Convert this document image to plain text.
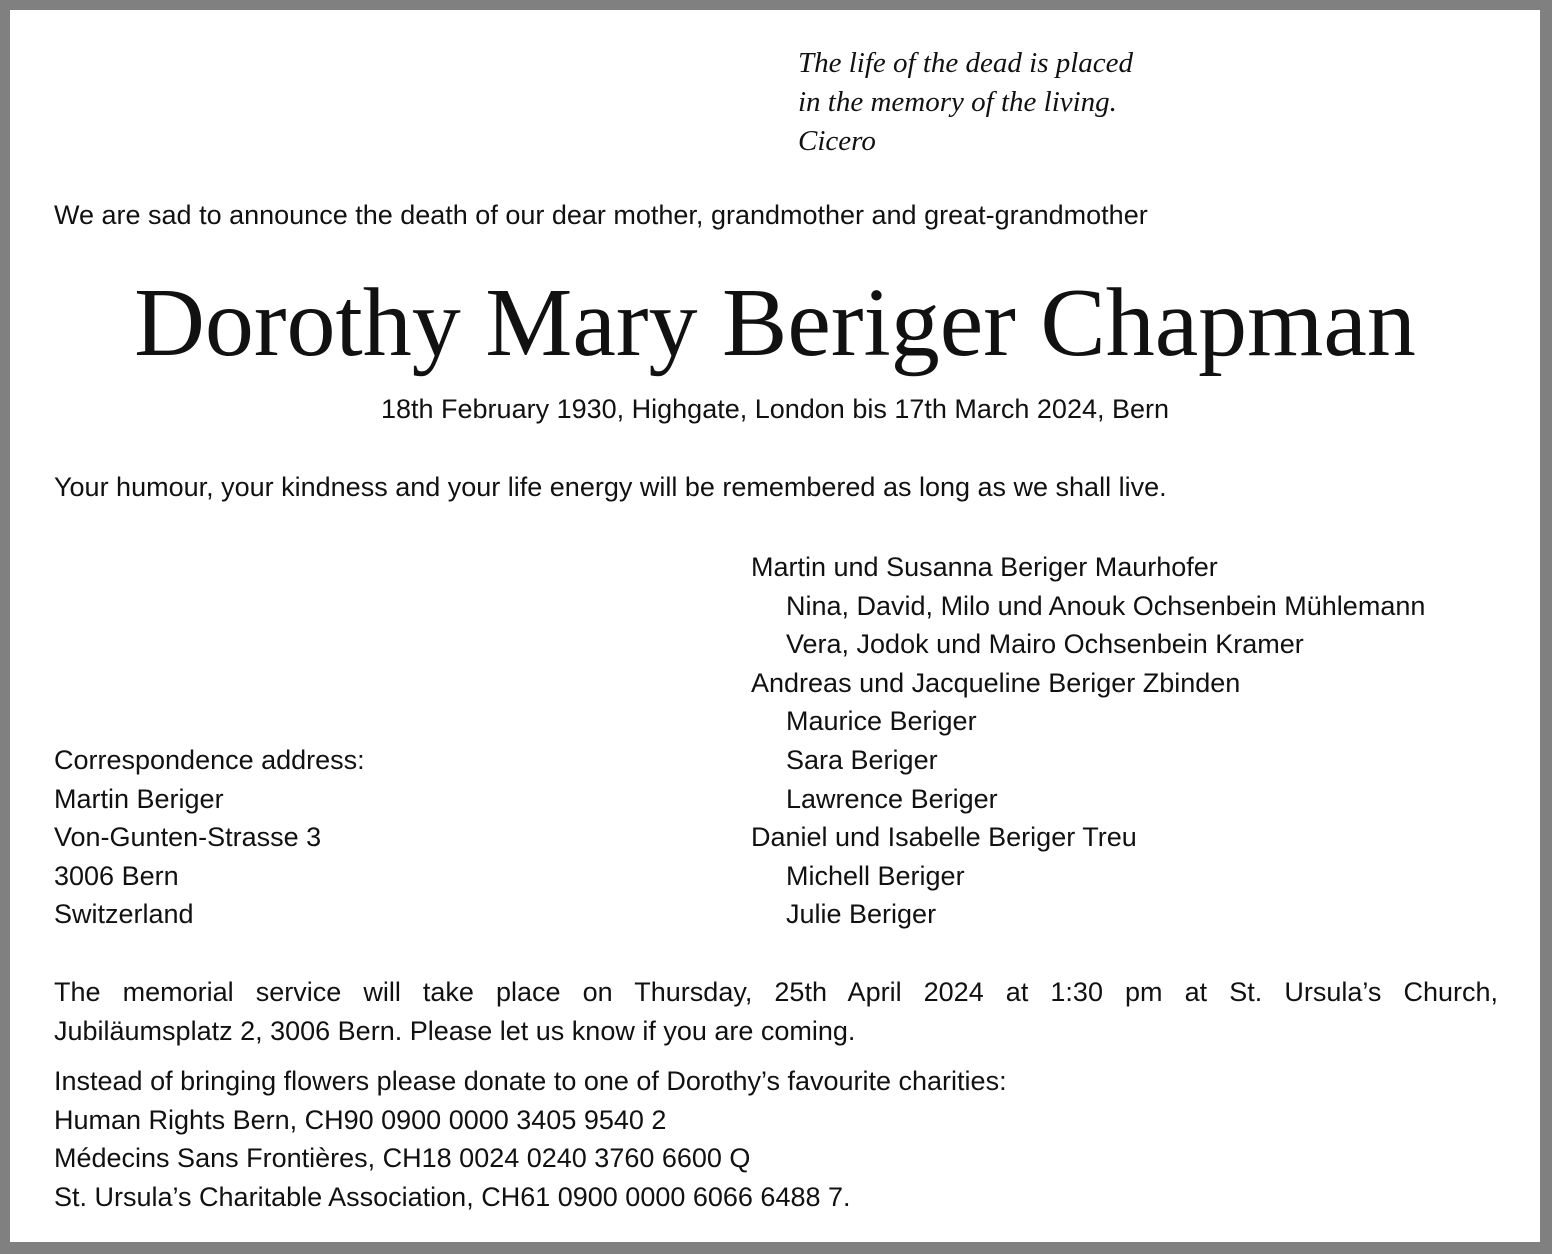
The life of the dead is placed
in the memory of the living.
Cicero
We are sad to announce the death of our dear mother, grandmother and great-grandmother
Dorothy Mary Beriger Chapman
18th February 1930, Highgate, London bis 17th March 2024, Bern
Your humour, your kindness and your life energy will be remembered as long as we shall live.
Martin und Susanna Beriger Maurhofer
Nina, David, Milo und Anouk Ochsenbein Mühlemann
Vera, Jodok und Mairo Ochsenbein Kramer
Andreas und Jacqueline Beriger Zbinden
Maurice Beriger
Sara Beriger
Lawrence Beriger
Daniel und Isabelle Beriger Treu
Michell Beriger
Julie Beriger
Correspondence address:
Martin Beriger
Von-Gunten-Strasse 3
3006 Bern
Switzerland
The memorial service will take place on Thursday, 25th April 2024 at 1:30 pm at St. Ursula’s Church,
Jubiläumsplatz 2, 3006 Bern. Please let us know if you are coming.
Instead of bringing flowers please donate to one of Dorothy’s favourite charities:
Human Rights Bern, CH90 0900 0000 3405 9540 2
Médecins Sans Frontières, CH18 0024 0240 3760 6600 Q
St. Ursula’s Charitable Association, CH61 0900 0000 6066 6488 7.
